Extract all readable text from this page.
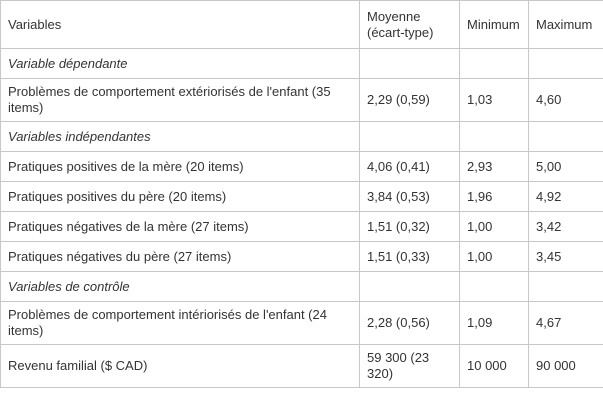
Variables	Moyenne (écart-type)	Minimum	Maximum
Variable dépendante			
Problèmes de comportement extériorisés de l'enfant (35 items)	2,29 (0,59)	1,03	4,60
Variables indépendantes			
Pratiques positives de la mère (20 items)	4,06 (0,41)	2,93	5,00
Pratiques positives du père (20 items)	3,84 (0,53)	1,96	4,92
Pratiques négatives de la mère (27 items)	1,51 (0,32)	1,00	3,42
Pratiques négatives du père (27 items)	1,51 (0,33)	1,00	3,45
Variables de contrôle			
Problèmes de comportement intériorisés de l'enfant (24 items)	2,28 (0,56)	1,09	4,67
Revenu familial ($ CAD)	59 300 (23 320)	10 000	90 000
